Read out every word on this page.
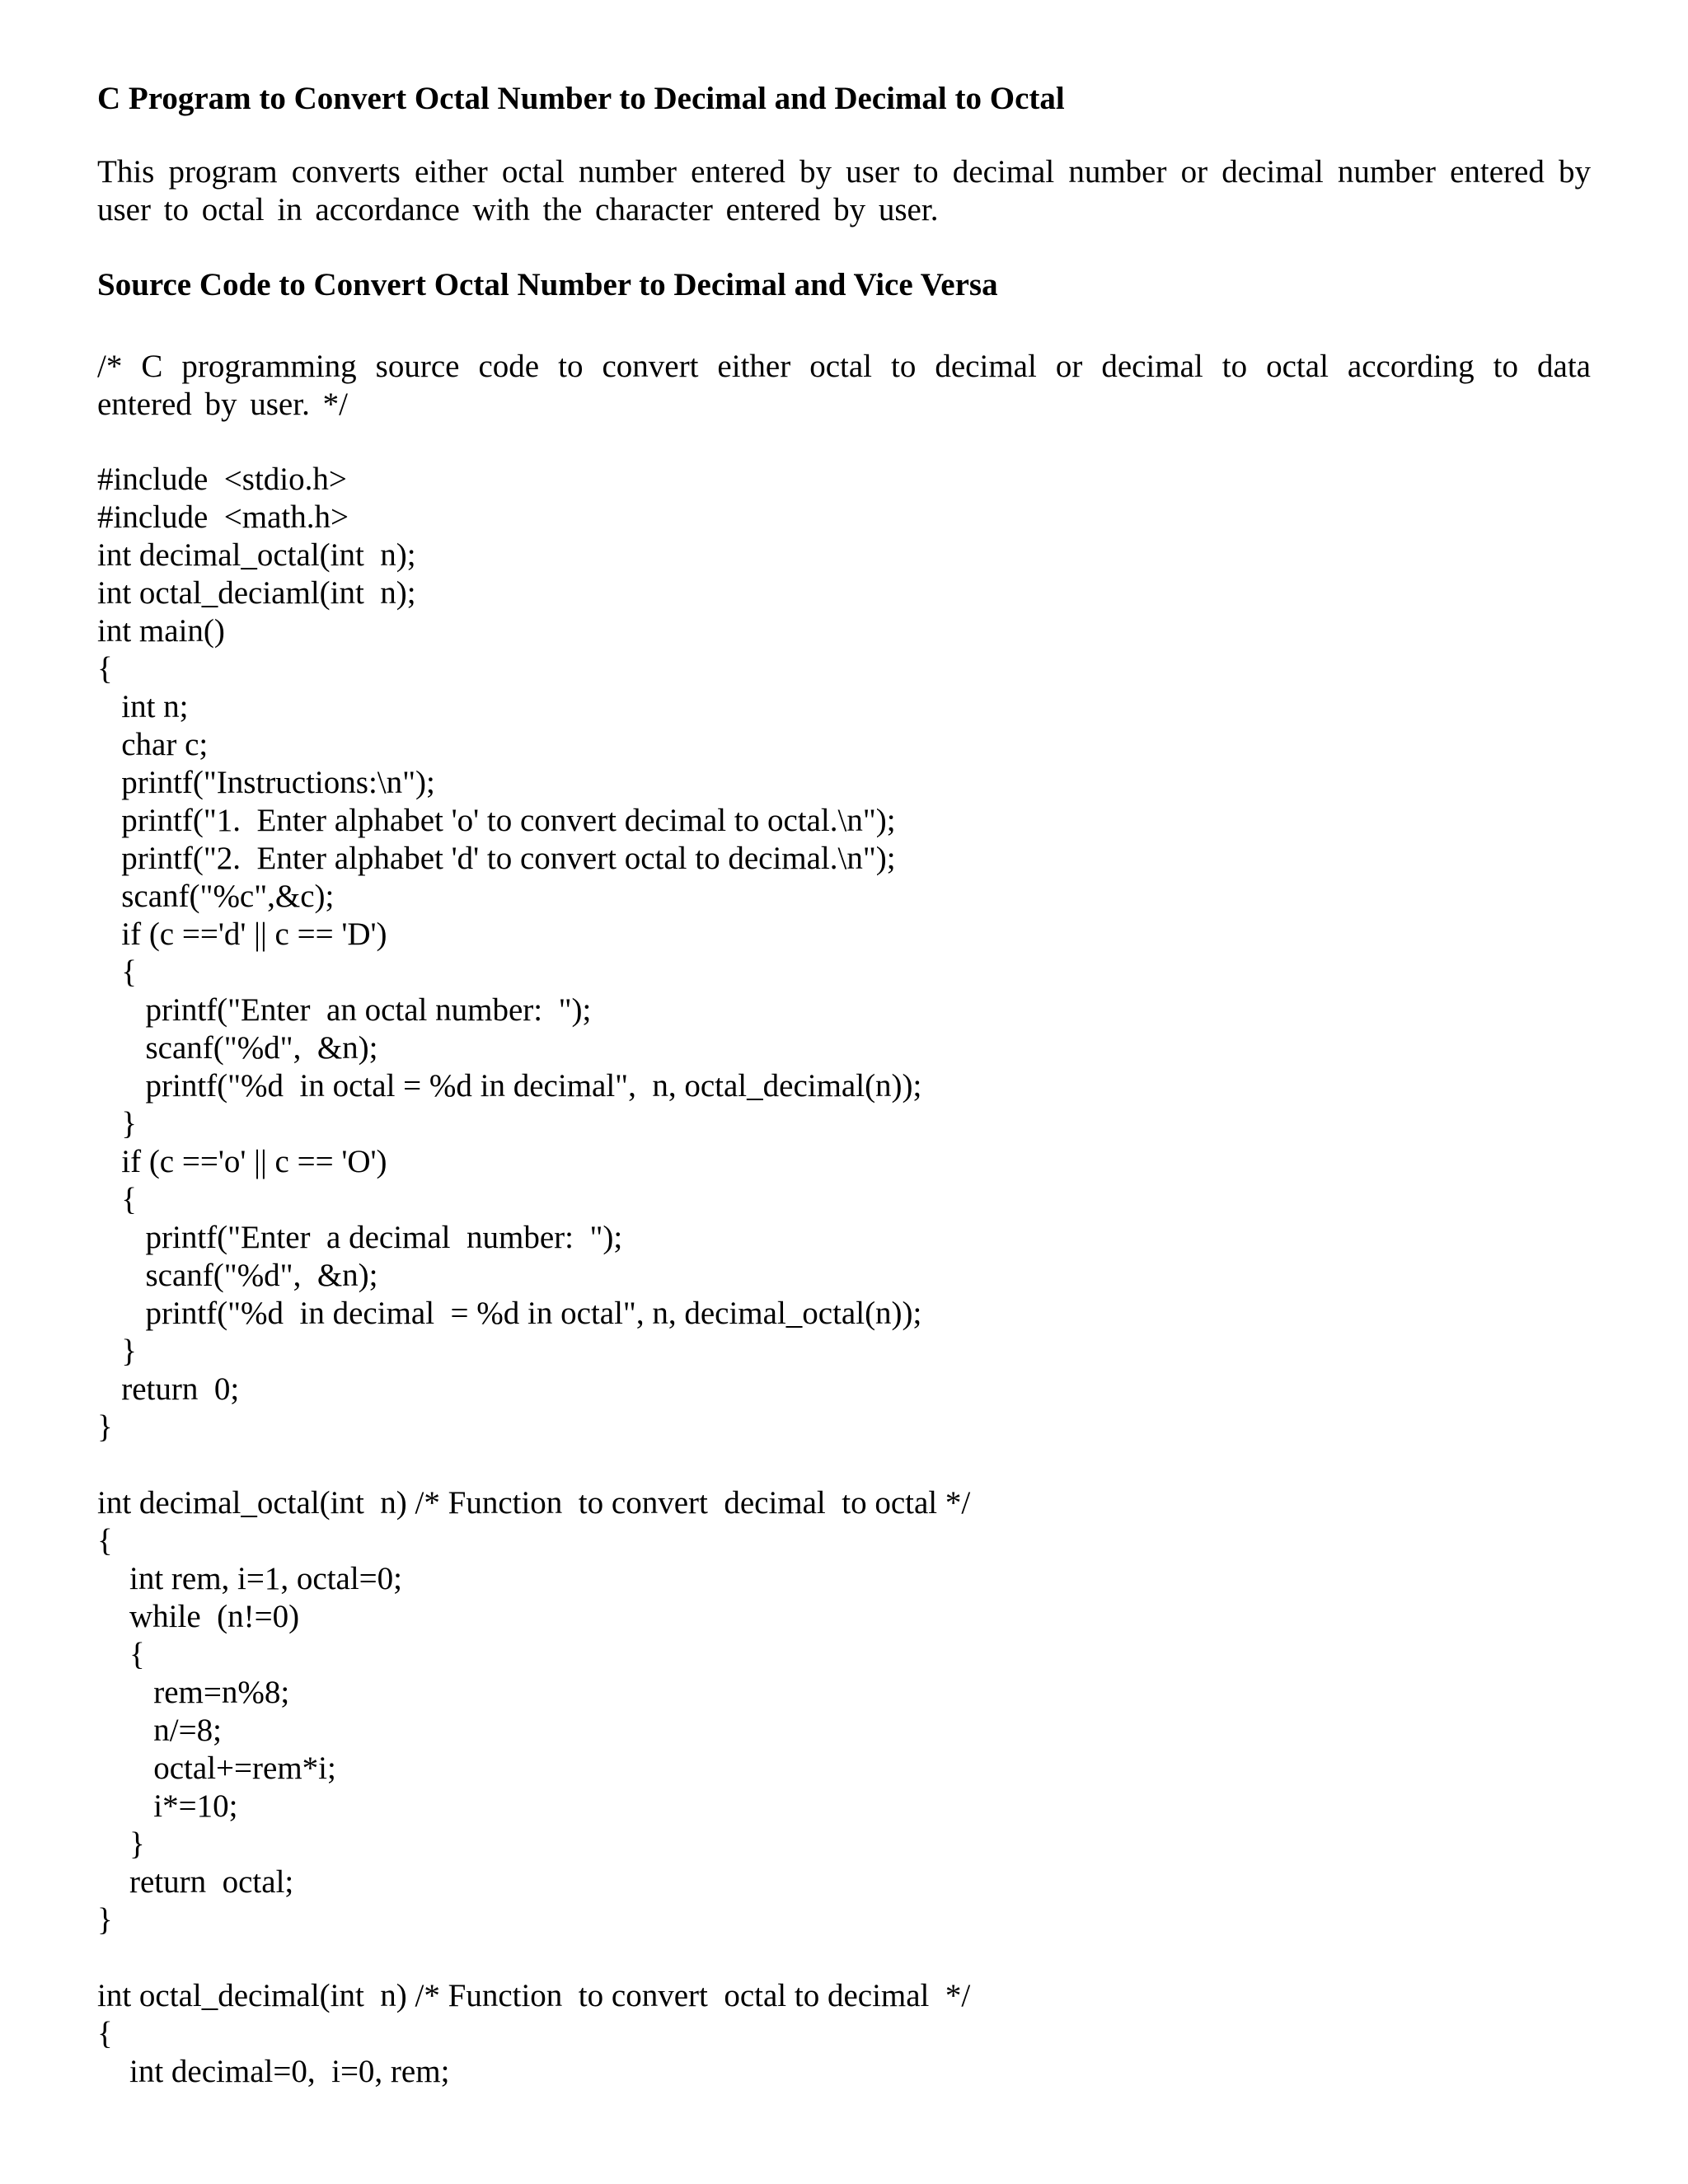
C Program to Convert Octal Number to Decimal and Decimal to Octal

This program converts either octal number entered by user to decimal number or decimal number entered by user to octal in accordance with the character entered by user.

Source Code to Convert Octal Number to Decimal and Vice Versa

/* C programming source code to convert either octal to decimal or decimal to octal according to data entered by user. */

#include  <stdio.h>
#include  <math.h>
int decimal_octal(int  n);
int octal_deciaml(int  n);
int main()
{
int n;
char c;
printf("Instructions:\n");
printf("1.  Enter alphabet 'o' to convert decimal to octal.\n");
printf("2.  Enter alphabet 'd' to convert octal to decimal.\n");
scanf("%c",&c);
if (c =='d' || c == 'D')
{
printf("Enter  an octal number:  ");
scanf("%d",  &n);
printf("%d  in octal = %d in decimal",  n, octal_decimal(n));
}
if (c =='o' || c == 'O')
{
printf("Enter  a decimal  number:  ");
scanf("%d",  &n);
printf("%d  in decimal  = %d in octal", n, decimal_octal(n));
}
return  0;
}
int decimal_octal(int  n) /* Function  to convert  decimal  to octal */
{
int rem, i=1, octal=0;
while  (n!=0)
{
rem=n%8;
n/=8;
octal+=rem*i;
i*=10;
}
return  octal;
}
int octal_decimal(int  n) /* Function  to convert  octal to decimal  */
{
int decimal=0,  i=0, rem;
